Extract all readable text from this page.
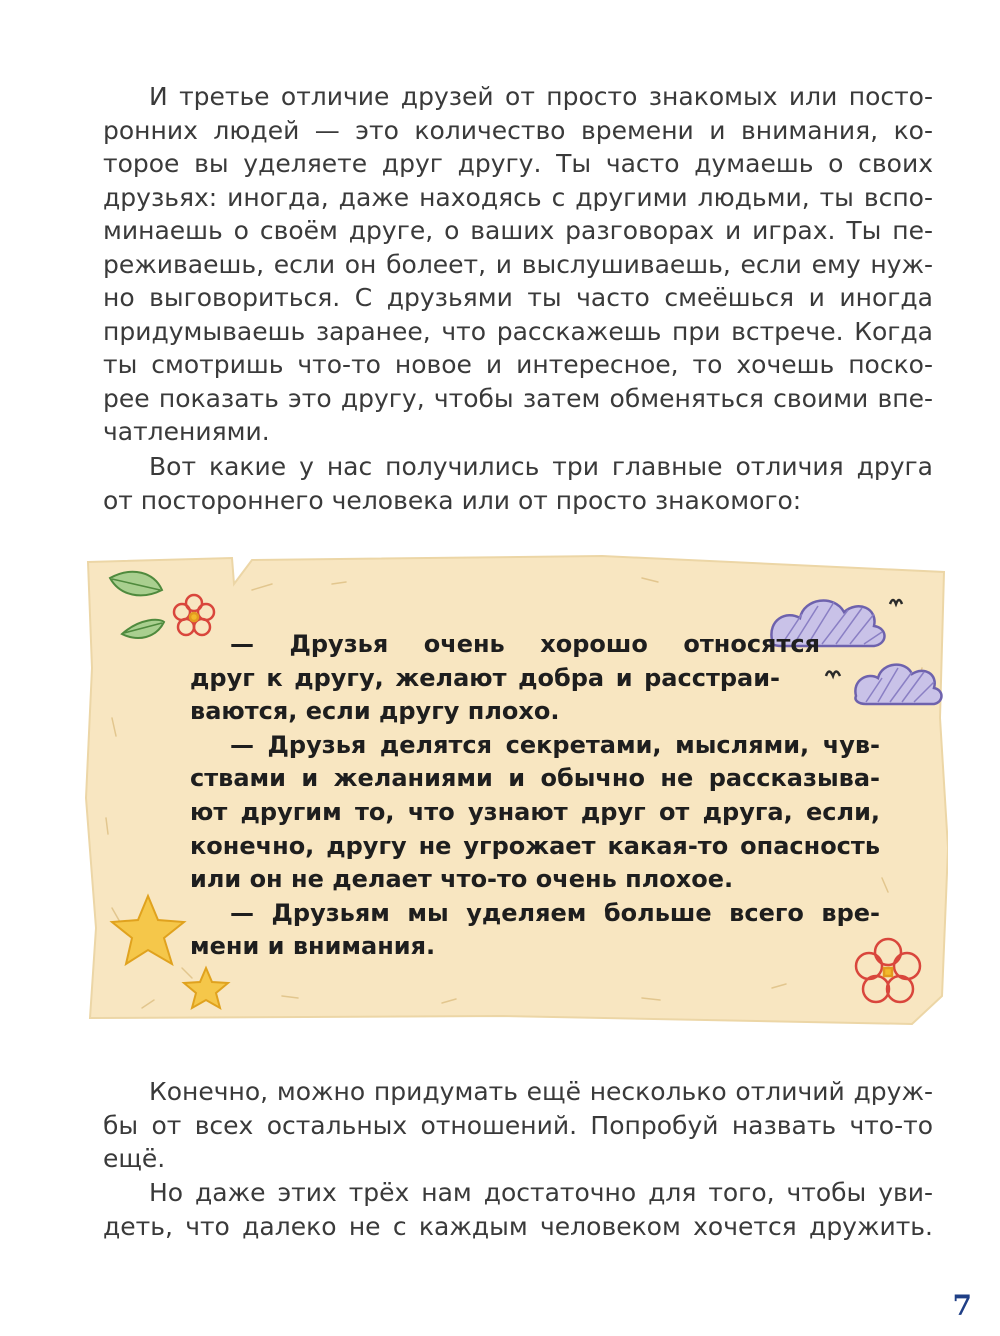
И третье отличие друзей от просто знакомых или посто-
ронних людей — это количество времени и внимания, ко-
торое вы уделяете друг другу. Ты часто думаешь о своих
друзьях: иногда, даже находясь с другими людьми, ты вспо-
минаешь о своём друге, о ваших разговорах и играх. Ты пе-
реживаешь, если он болеет, и выслушиваешь, если ему нуж-
но выговориться. С друзьями ты часто смеёшься и иногда
придумываешь заранее, что расскажешь при встрече. Когда
ты смотришь что-то новое и интересное, то хочешь поско-
рее показать это другу, чтобы затем обменяться своими впе-
чатлениями.

Вот какие у нас получились три главные отличия друга
от постороннего человека или от просто знакомого:

— Друзья очень хорошо относятся
друг к другу, желают добра и расстраи-
ваются, если другу плохо.
— Друзья делятся секретами, мыслями, чув-
ствами и желаниями и обычно не рассказыва-
ют другим то, что узнают друг от друга, если,
конечно, другу не угрожает какая-то опасность
или он не делает что-то очень плохое.
— Друзьям мы уделяем больше всего вре-
мени и внимания.

Конечно, можно придумать ещё несколько отличий друж-
бы от всех остальных отношений. Попробуй назвать что-то
ещё.

Но даже этих трёх нам достаточно для того, чтобы уви-
деть, что далеко не с каждым человеком хочется дружить.

7
